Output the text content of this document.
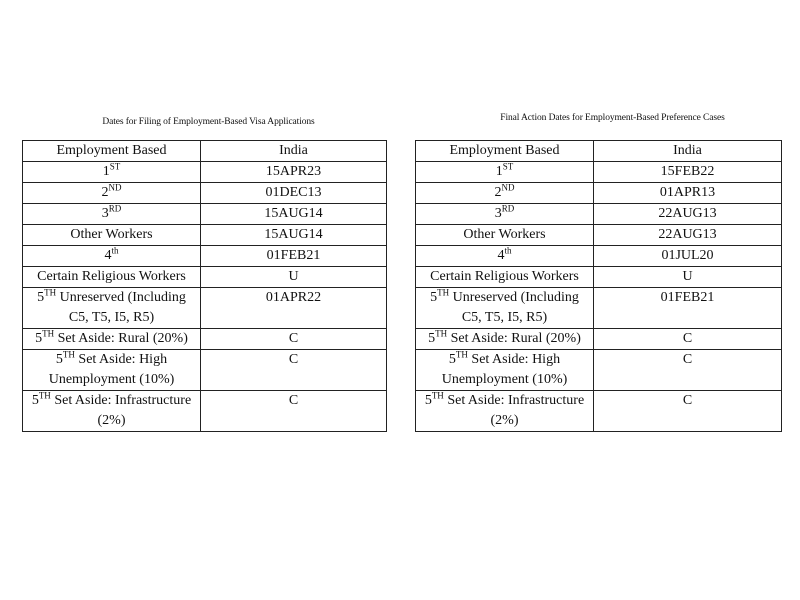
Dates for Filing of Employment-Based Visa Applications
Employment Based	India
1ST	15APR23
2ND	01DEC13
3RD	15AUG14
Other Workers	15AUG14
4th	01FEB21
Certain Religious Workers	U
5TH Unreserved (Including C5, T5, I5, R5)	01APR22
5TH Set Aside: Rural (20%)	C
5TH Set Aside: High Unemployment (10%)	C
5TH Set Aside: Infrastructure (2%)	C
Final Action Dates for Employment-Based Preference Cases
Employment Based	India
1ST	15FEB22
2ND	01APR13
3RD	22AUG13
Other Workers	22AUG13
4th	01JUL20
Certain Religious Workers	U
5TH Unreserved (Including C5, T5, I5, R5)	01FEB21
5TH Set Aside: Rural (20%)	C
5TH Set Aside: High Unemployment (10%)	C
5TH Set Aside: Infrastructure (2%)	C
